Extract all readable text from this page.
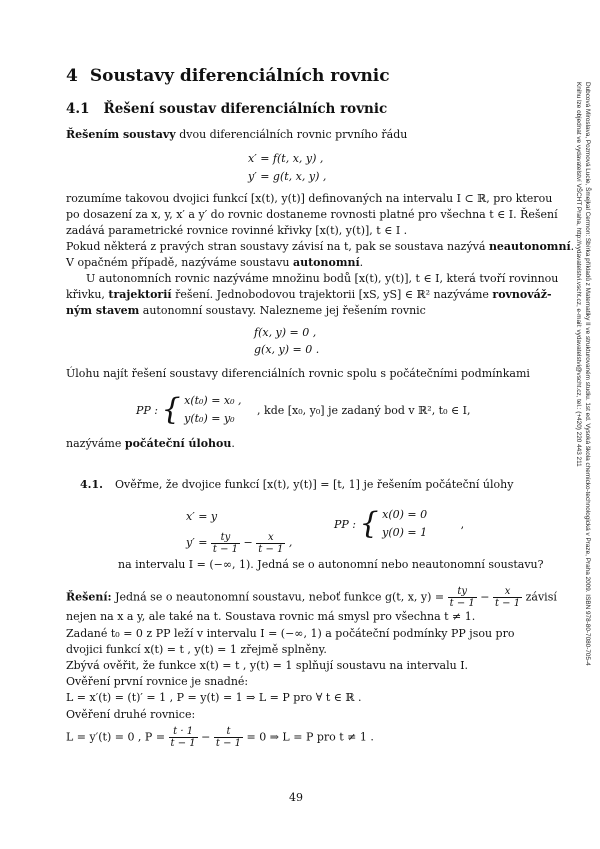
Dubcová Miroslava, Pozmová Lucie, Šmejkal Cermon: Sbírka příkladů z Matematiky II ve strukturovaném studiu. 1st ed. Vysoká škola chemicko-technologická v Praze, Praha 2009. ISBN 978-80-7080-705-4
Knihu lze objednat ve vydavatelství VŠCHT Praha, http://vydavatelstvi.vscht.cz, e-mail: vydavatelstvi@vscht.cz, tel.: (+420) 220 443 211
4 Soustavy diferenciálních rovnic
4.1 Řešení soustav diferenciálních rovnic
Řešením soustavy dvou diferenciálních rovnic prvního řádu
x′ = f(t, x, y) ,
y′ = g(t, x, y) ,
rozumíme takovou dvojici funkcí [x(t), y(t)] definovaných na intervalu I ⊂ ℝ, pro kterou
po dosazení za x, y, x′ a y′ do rovnic dostaneme rovnosti platné pro všechna t ∈ I. Řešení
zadává parametrické rovnice rovinné křivky [x(t), y(t)], t ∈ I .
Pokud některá z pravých stran soustavy závisí na t, pak se soustava nazývá neautonomní.
V opačném případě, nazýváme soustavu autonomní.
U autonomních rovnic nazýváme množinu bodů [x(t), y(t)], t ∈ I, která tvoří rovinnou
křivku, trajektorií řešení. Jednobodovou trajektorii [xS, yS] ∈ ℝ² nazýváme rovnováž-
ným stavem autonomní soustavy. Nalezneme jej řešením rovnic
f(x, y) = 0 ,
g(x, y) = 0 .
Úlohu najít řešení soustavy diferenciálních rovnic spolu s počátečními podmínkami
PP : { x(t₀) = x₀ ,
y(t₀) = y₀
, kde [x₀, y₀] je zadaný bod v ℝ², t₀ ∈ I,
nazýváme počáteční úlohou.
4.1. Ověřme, že dvojice funkcí [x(t), y(t)] = [t, 1] je řešením počáteční úlohy
x′ = y
$y' = \frac{ty}{t - 1} - \frac{x}{t - 1}$ ,
PP : { x(0) = 0
y(0) = 1
,
na intervalu I = (−∞, 1). Jedná se o autonomní nebo neautonomní soustavu?
Řešení: Jedná se o neautonomní soustavu, neboť funkce g(t, x, $y) = \frac{ty}{t - 1} - \frac{x}{t - 1}$ závisí
nejen na x a y, ale také na t. Soustava rovnic má smysl pro všechna t ≠ 1.
Zadané t₀ = 0 z PP leží v intervalu I = (−∞, 1) a počáteční podmínky PP jsou pro
dvojici funkcí x(t) = t , y(t) = 1 zřejmě splněny.
Zbývá ověřit, že funkce x(t) = t , y(t) = 1 splňují soustavu na intervalu I.
Ověření první rovnice je snadné:
L = x′(t) = (t)′ = 1 , P = y(t) = 1 ⇒ L = P pro ∀ t ∈ ℝ .
Ověření druhé rovnice:
L = y′(t) = 0 , $P = \frac{t \cdot 1}{t - 1} - \frac{t}{t - 1} = 0$ ⇒ L = P pro t ≠ 1 .
49
